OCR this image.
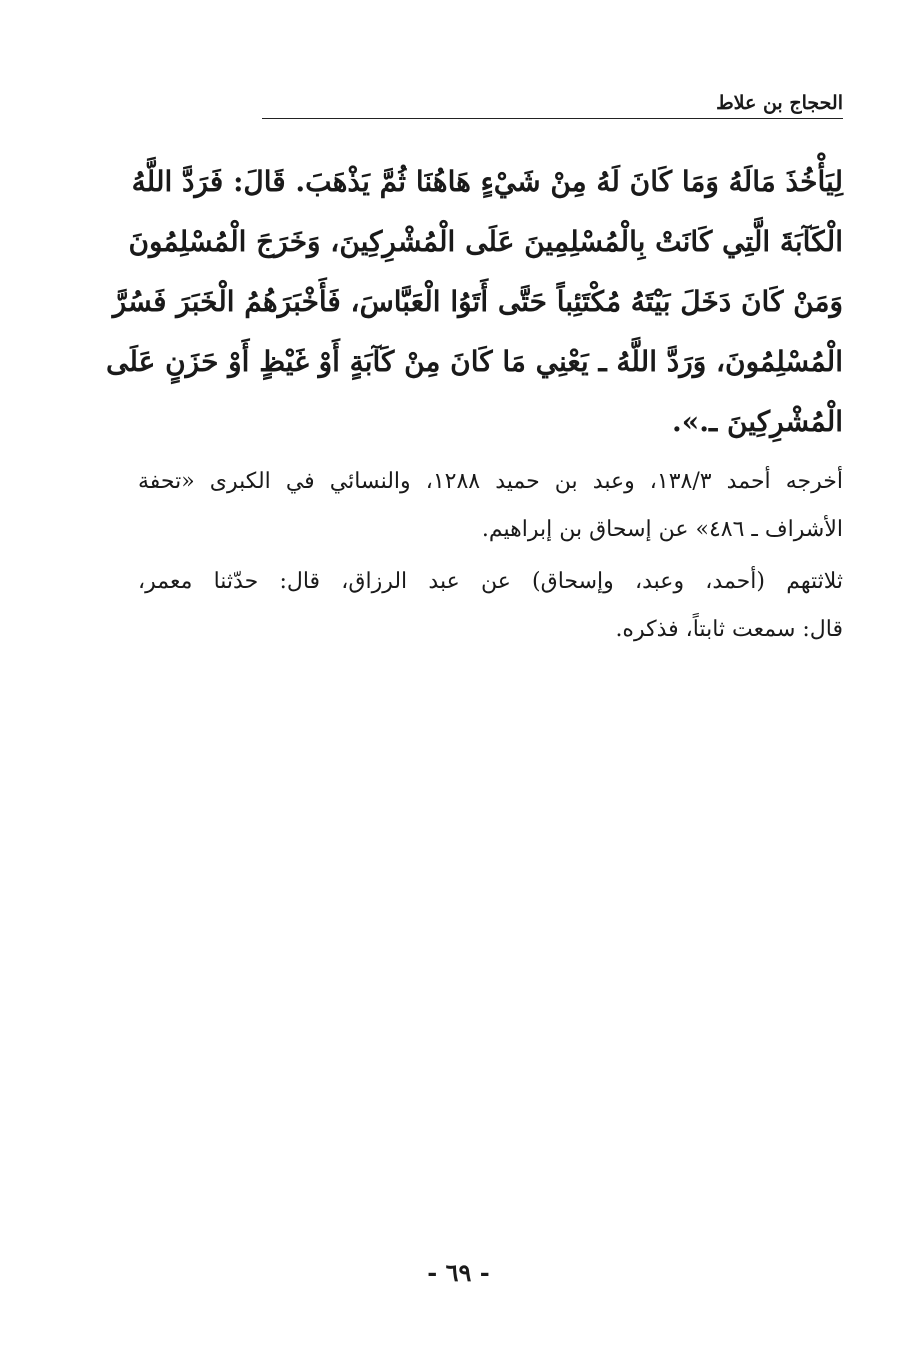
الحجاج بن علاط
لِيَأْخُذَ مَالَهُ وَمَا كَانَ لَهُ مِنْ شَيْءٍ هَاهُنَا ثُمَّ يَذْهَبَ. قَالَ: فَرَدَّ اللَّهُ
الْكَآبَةَ الَّتِي كَانَتْ بِالْمُسْلِمِينَ عَلَى الْمُشْرِكِينَ، وَخَرَجَ الْمُسْلِمُونَ
وَمَنْ كَانَ دَخَلَ بَيْتَهُ مُكْتَئِباً حَتَّى أَتَوُا الْعَبَّاسَ، فَأَخْبَرَهُمُ الْخَبَرَ فَسُرَّ
الْمُسْلِمُونَ، وَرَدَّ اللَّهُ ـ يَعْنِي مَا كَانَ مِنْ كَآبَةٍ أَوْ غَيْظٍ أَوْ حَزَنٍ عَلَى
الْمُشْرِكِينَ ـ.».
أخرجه أحمد ١٣٨/٣، وعبد بن حميد ١٢٨٨، والنسائي في الكبرى «تحفة
الأشراف ـ ٤٨٦» عن إسحاق بن إبراهيم.
ثلاثتهم (أحمد، وعبد، وإسحاق) عن عبد الرزاق، قال: حدّثنا معمر،
قال: سمعت ثابتاً، فذكره.
- ٦٩ -
